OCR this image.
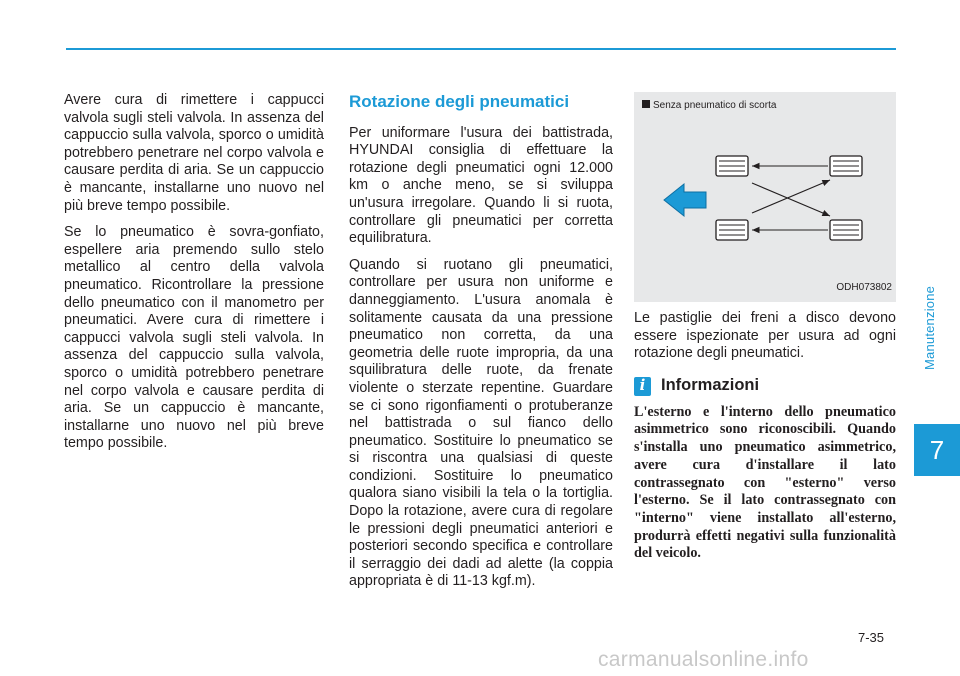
Manutenzione
7

Avere cura di rimettere i cappucci valvola sugli steli valvola. In assenza del cappuccio sulla valvola, sporco o umidità potrebbero penetrare nel corpo valvola e causare perdita di aria. Se un cappuccio è mancante, installarne uno nuovo nel più breve tempo possibile.

Se lo pneumatico è sovra-gonfiato, espellere aria premendo sullo stelo metallico al centro della valvola pneumatico. Ricontrollare la pressione dello pneumatico con il manometro per pneumatici. Avere cura di rimettere i cappucci valvola sugli steli valvola. In assenza del cappuccio sulla valvola, sporco o umidità potrebbero penetrare nel corpo valvola e causare perdita di aria. Se un cappuccio è mancante, installarne uno nuovo nel più breve tempo possibile.

Rotazione degli pneumatici

Per uniformare l'usura dei battistrada, HYUNDAI consiglia di effettuare la rotazione degli pneumatici ogni 12.000 km o anche meno, se si sviluppa un'usura irregolare. Quando li si ruota, controllare gli pneumatici per corretta equilibratura.

Quando si ruotano gli pneumatici, controllare per usura non uniforme e danneggiamento. L'usura anomala è solitamente causata da una pressione pneumatico non corretta, da una geometria delle ruote impropria, da una squilibratura delle ruote, da frenate violente o sterzate repentine. Guardare se ci sono rigonfiamenti o protuberanze nel battistrada o sul fianco dello pneumatico. Sostituire lo pneumatico se si riscontra una qualsiasi di queste condizioni. Sostituire lo pneumatico qualora siano visibili la tela o la tortiglia. Dopo la rotazione, avere cura di regolare le pressioni degli pneumatici anteriori e posteriori secondo specifica e controllare il serraggio dei dadi ad alette (la coppia appropriata è di 11-13 kgf.m).

Senza pneumatico di scorta
ODH073802

Le pastiglie dei freni a disco devono essere ispezionate per usura ad ogni rotazione degli pneumatici.

i Informazioni
L'esterno e l'interno dello pneumatico asimmetrico sono riconoscibili. Quando s'installa uno pneumatico asimmetrico, avere cura d'installare il lato contrassegnato con "esterno" verso l'esterno. Se il lato contrassegnato con "interno" viene installato all'esterno, produrrà effetti negativi sulla funzionalità del veicolo.
7-35
carmanualsonline.info
